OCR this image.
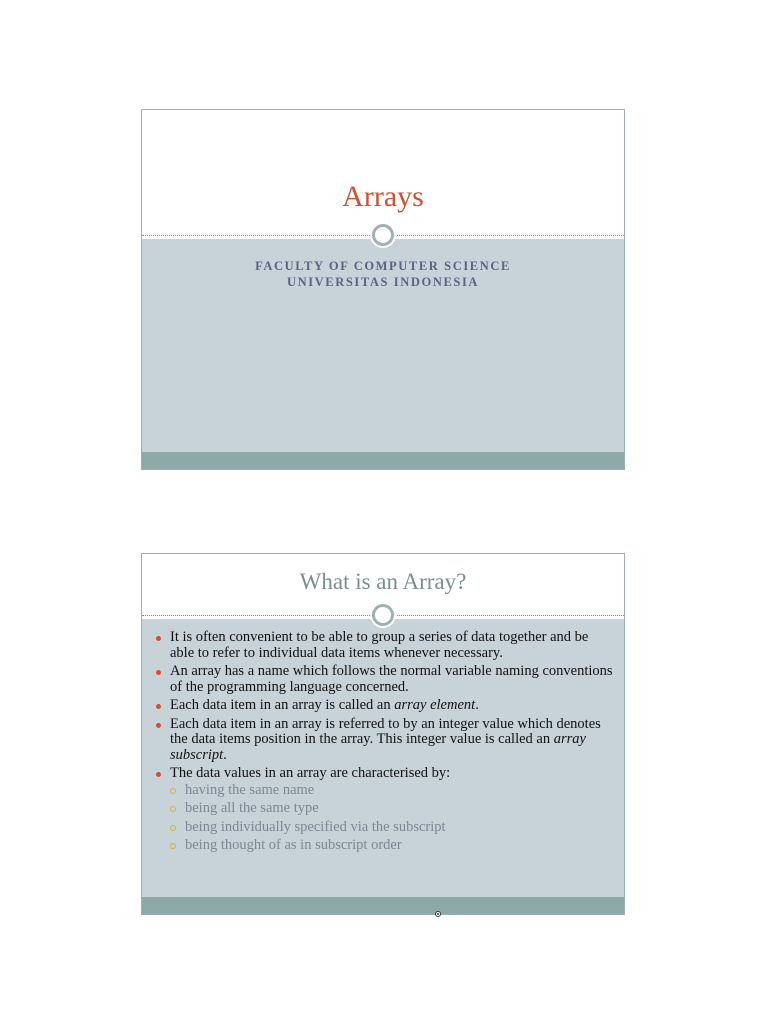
Arrays
FACULTY OF COMPUTER SCIENCE
UNIVERSITAS INDONESIA
What is an Array?
It is often convenient to be able to group a series of data together and be able to refer to individual data items whenever necessary.
An array has a name which follows the normal variable naming conventions of the programming language concerned.
Each data item in an array is called an array element.
Each data item in an array is referred to by an integer value which denotes the data items position in the array. This integer value is called an array subscript.
The data values in an array are characterised by:
having the same name
being all the same type
being individually specified via the subscript
being thought of as in subscript order
